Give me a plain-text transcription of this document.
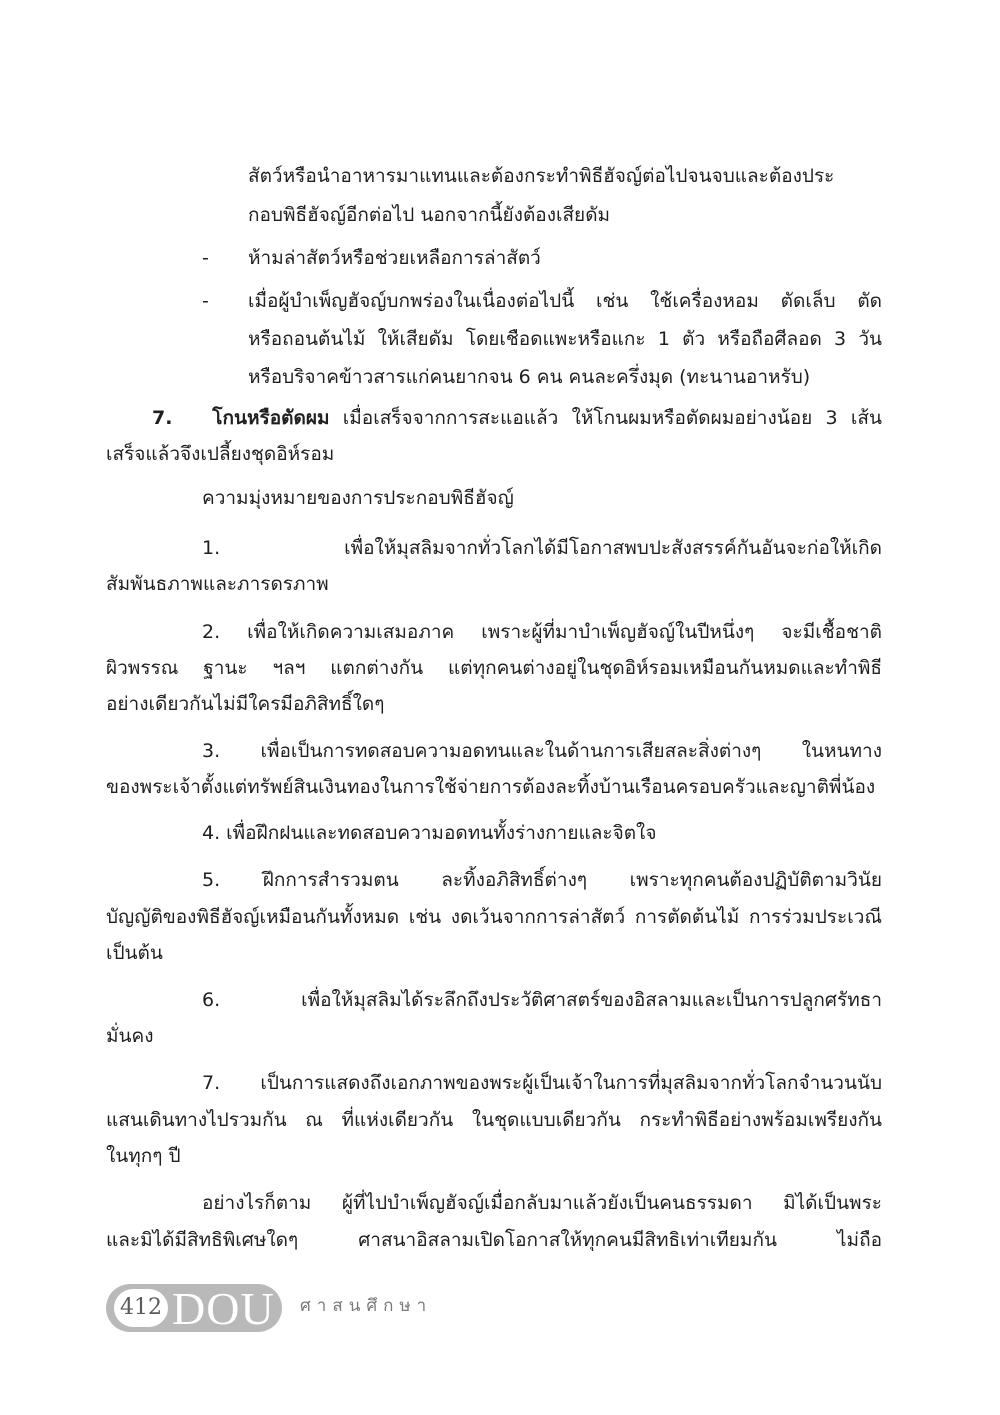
สัตว์หรือนำอาหารมาแทนและต้องกระทำพิธีฮัจญ์ต่อไปจนจบและต้องประ
กอบพิธีฮัจญ์อีกต่อไป นอกจากนี้ยังต้องเสียดัม
- ห้ามล่าสัตว์หรือช่วยเหลือการล่าสัตว์
- เมื่อผู้บำเพ็ญฮัจญ์บกพร่องในเนื่องต่อไปนี้ เช่น ใช้เครื่องหอม ตัดเล็บ ตัด
หรือถอนต้นไม้ ให้เสียดัม โดยเชือดแพะหรือแกะ 1 ตัว หรือถือศีลอด 3 วัน
หรือบริจาคข้าวสารแก่คนยากจน 6 คน คนละครึ่งมุด (ทะนานอาหรับ)
7. โกนหรือตัดผม เมื่อเสร็จจากการสะแอแล้ว ให้โกนผมหรือตัดผมอย่างน้อย 3 เส้น
เสร็จแล้วจึงเปลี้ยงชุดอิห์รอม
ความมุ่งหมายของการประกอบพิธีฮัจญ์
1. เพื่อให้มุสลิมจากทั่วโลกได้มีโอกาสพบปะสังสรรค์กันอันจะก่อให้เกิด
สัมพันธภาพและภารดรภาพ
2. เพื่อให้เกิดความเสมอภาค เพราะผู้ที่มาบำเพ็ญฮัจญ์ในปีหนึ่งๆ จะมีเชื้อชาติ
ผิวพรรณ ฐานะ ฯลฯ แตกต่างกัน แต่ทุกคนต่างอยู่ในชุดอิห์รอมเหมือนกันหมดและทำพิธี
อย่างเดียวกันไม่มีใครมีอภิสิทธิ์ใดๆ
3. เพื่อเป็นการทดสอบความอดทนและในด้านการเสียสละสิ่งต่างๆ ในหนทาง
ของพระเจ้าตั้งแต่ทรัพย์สินเงินทองในการใช้จ่ายการต้องละทิ้งบ้านเรือนครอบครัวและญาติพี่น้อง
4. เพื่อฝึกฝนและทดสอบความอดทนทั้งร่างกายและจิตใจ
5. ฝึกการสำรวมตน ละทิ้งอภิสิทธิ์ต่างๆ เพราะทุกคนต้องปฏิบัติตามวินัย
บัญญัติของพิธีฮัจญ์เหมือนกันทั้งหมด เช่น งดเว้นจากการล่าสัตว์ การตัดต้นไม้ การร่วมประเวณี
เป็นต้น
6. เพื่อให้มุสลิมได้ระลึกถึงประวัติศาสตร์ของอิสลามและเป็นการปลูกศรัทธา
มั่นคง
7. เป็นการแสดงถึงเอกภาพของพระผู้เป็นเจ้าในการที่มุสลิมจากทั่วโลกจำนวนนับ
แสนเดินทางไปรวมกัน ณ ที่แห่งเดียวกัน ในชุดแบบเดียวกัน กระทำพิธีอย่างพร้อมเพรียงกัน
ในทุกๆ ปี
อย่างไรก็ตาม ผู้ที่ไปบำเพ็ญฮัจญ์เมื่อกลับมาแล้วยังเป็นคนธรรมดา มิได้เป็นพระ
และมิได้มีสิทธิพิเศษใดๆ ศาสนาอิสลามเปิดโอกาสให้ทุกคนมีสิทธิเท่าเทียมกัน ไม่ถือ
412 DOU ศาสนศึกษา
